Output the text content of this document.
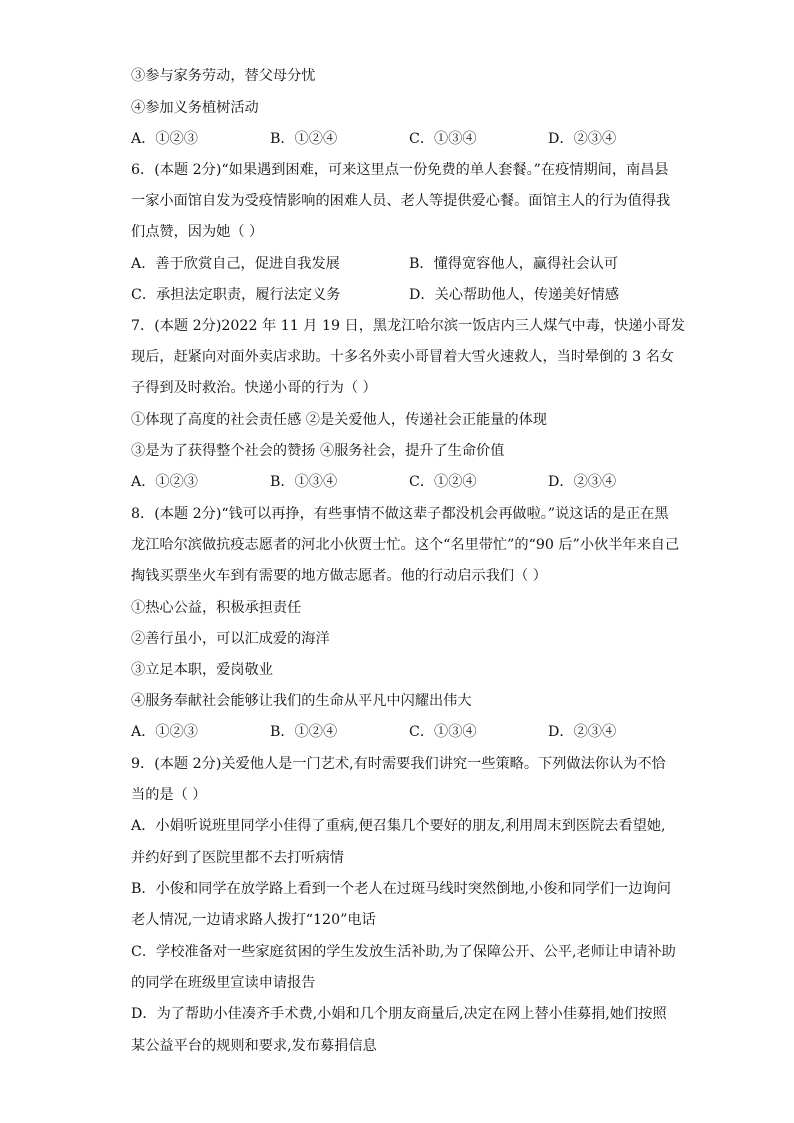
③参与家务劳动，替父母分忧
④参加义务植树活动
A．①②③	B．①②④	C．①③④	D．②③④
6．(本题 2分)“如果遇到困难，可来这里点一份免费的单人套餐。”在疫情期间，南昌县
一家小面馆自发为受疫情影响的困难人员、老人等提供爱心餐。面馆主人的行为值得我
们点赞，因为她（ ）
A．善于欣赏自己，促进自我发展	B．懂得宽容他人，赢得社会认可
C．承担法定职责，履行法定义务	D．关心帮助他人，传递美好情感
7．(本题 2分)2022 年 11 月 19 日，黑龙江哈尔滨一饭店内三人煤气中毒，快递小哥发
现后，赶紧向对面外卖店求助。十多名外卖小哥冒着大雪火速救人，当时晕倒的 3 名女
子得到及时救治。快递小哥的行为（ ）
①体现了高度的社会责任感 ②是关爱他人，传递社会正能量的体现
③是为了获得整个社会的赞扬 ④服务社会，提升了生命价值
A．①②③	B．①③④	C．①②④	D．②③④
8．(本题 2分)“钱可以再挣，有些事情不做这辈子都没机会再做啦。”说这话的是正在黑
龙江哈尔滨做抗疫志愿者的河北小伙贾士忙。这个“名里带忙”的“90 后”小伙半年来自己
掏钱买票坐火车到有需要的地方做志愿者。他的行动启示我们（ ）
①热心公益，积极承担责任
②善行虽小，可以汇成爱的海洋
③立足本职，爱岗敬业
④服务奉献社会能够让我们的生命从平凡中闪耀出伟大
A．①②③	B．①②④	C．①③④	D．②③④
9．(本题 2分)关爱他人是一门艺术,有时需要我们讲究一些策略。下列做法你认为不恰
当的是（ ）
A．小娟听说班里同学小佳得了重病,便召集几个要好的朋友,利用周末到医院去看望她,
并约好到了医院里都不去打听病情
B．小俊和同学在放学路上看到一个老人在过斑马线时突然倒地,小俊和同学们一边询问
老人情况,一边请求路人拨打“120”电话
C．学校准备对一些家庭贫困的学生发放生活补助,为了保障公开、公平,老师让申请补助
的同学在班级里宣读申请报告
D．为了帮助小佳凑齐手术费,小娟和几个朋友商量后,决定在网上替小佳募捐,她们按照
某公益平台的规则和要求,发布募捐信息
